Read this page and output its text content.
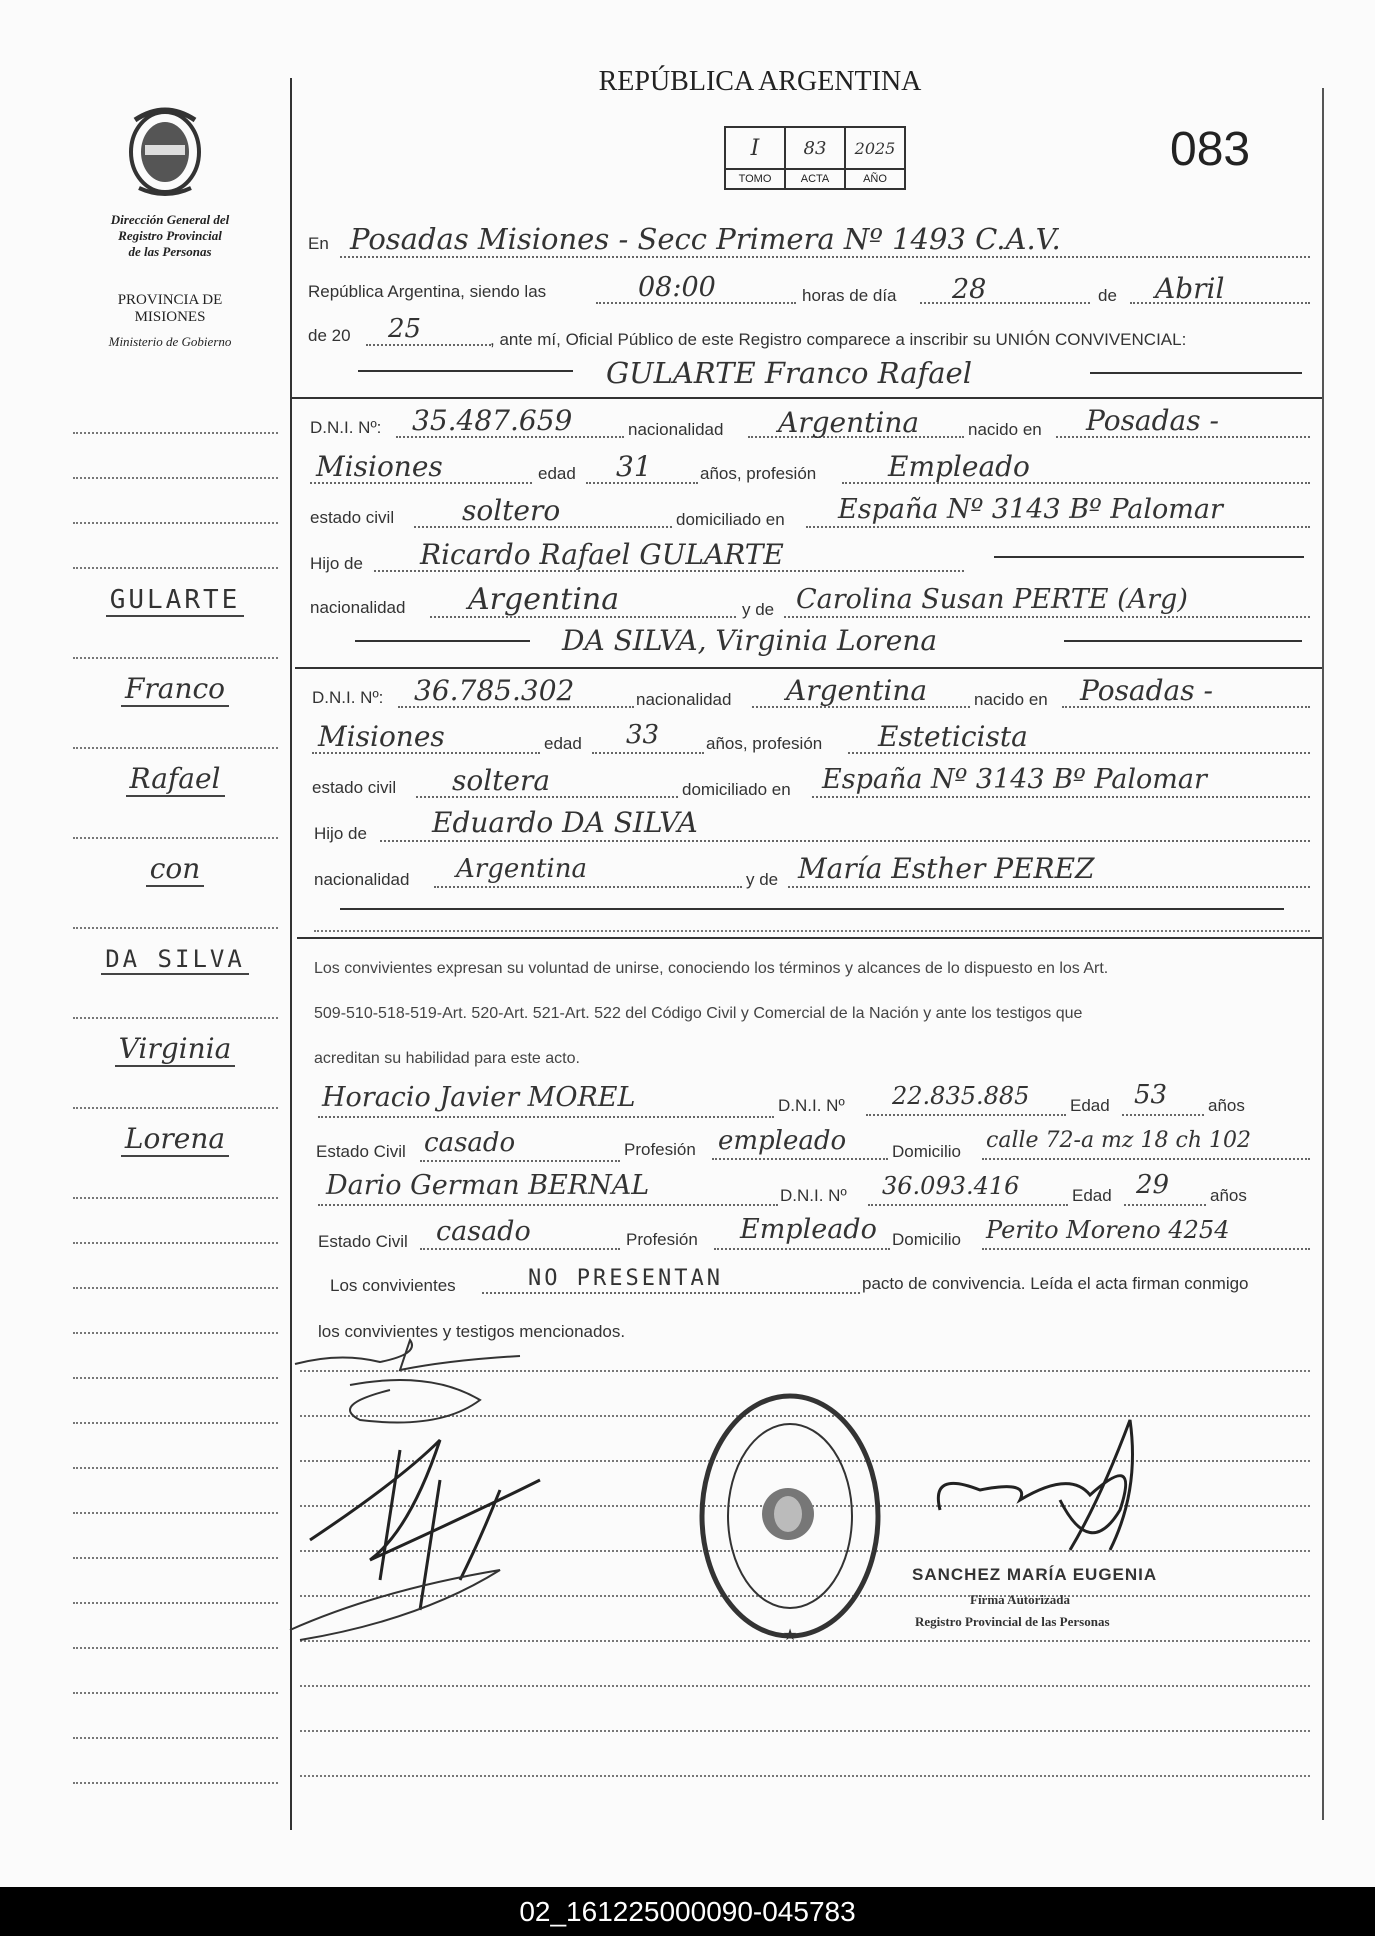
Dirección General del
Registro Provincial
de las Personas
PROVINCIA DE
MISIONES
Ministerio de Gobierno
GULARTE
Franco
Rafael
con
DA SILVA
Virginia
Lorena
REPÚBLICA ARGENTINA
083
I	83	2025
TOMO	ACTA	AÑO
En Posadas Misiones - Secc Primera Nº 1493 C.A.V.
República Argentina, siendo las	08:00	horas de día 28	de Abril
de 20 25	, ante mí, Oficial Público de este Registro comparece a inscribir su UNIÓN CONVIVENCIAL:
GULARTE Franco Rafael
D.N.I. Nº: 35.487.659	nacionalidad Argentina	nacido en Posadas -
Misiones	edad 31	años, profesión	Empleado
estado civil soltero	domiciliado en España Nº 3143 Bº Palomar
Hijo de Ricardo Rafael GULARTE
nacionalidad Argentina	y de Carolina Susan PERTE (Arg)
DA SILVA, Virginia Lorena
D.N.I. Nº: 36.785.302	nacionalidad Argentina	nacido en Posadas -
Misiones	edad 33	años, profesión Esteticista
estado civil soltera	domiciliado en España Nº 3143 Bº Palomar
Hijo de Eduardo DA SILVA
nacionalidad Argentina	y de María Esther PEREZ
Los convivientes expresan su voluntad de unirse, conociendo los términos y alcances de lo dispuesto en los Art.
509-510-518-519-Art. 520-Art. 521-Art. 522 del Código Civil y Comercial de la Nación y ante los testigos que
acreditan su habilidad para este acto.
Horacio Javier MOREL	D.N.I. Nº 22.835.885 Edad 53 años
Estado Civil casado	Profesión empleado	Domicilio calle 72-a mz 18 ch 102
Dario German BERNAL	D.N.I. Nº 36.093.416	Edad 29 años
Estado Civil casado	Profesión Empleado Domicilio Perito Moreno 4254
Los convivientes	NO PRESENTAN	pacto de convivencia. Leída el acta firman conmigo
los convivientes y testigos mencionados.
★
SANCHEZ MARÍA EUGENIA
Firma Autorizada
Registro Provincial de las Personas
02_161225000090-045783
